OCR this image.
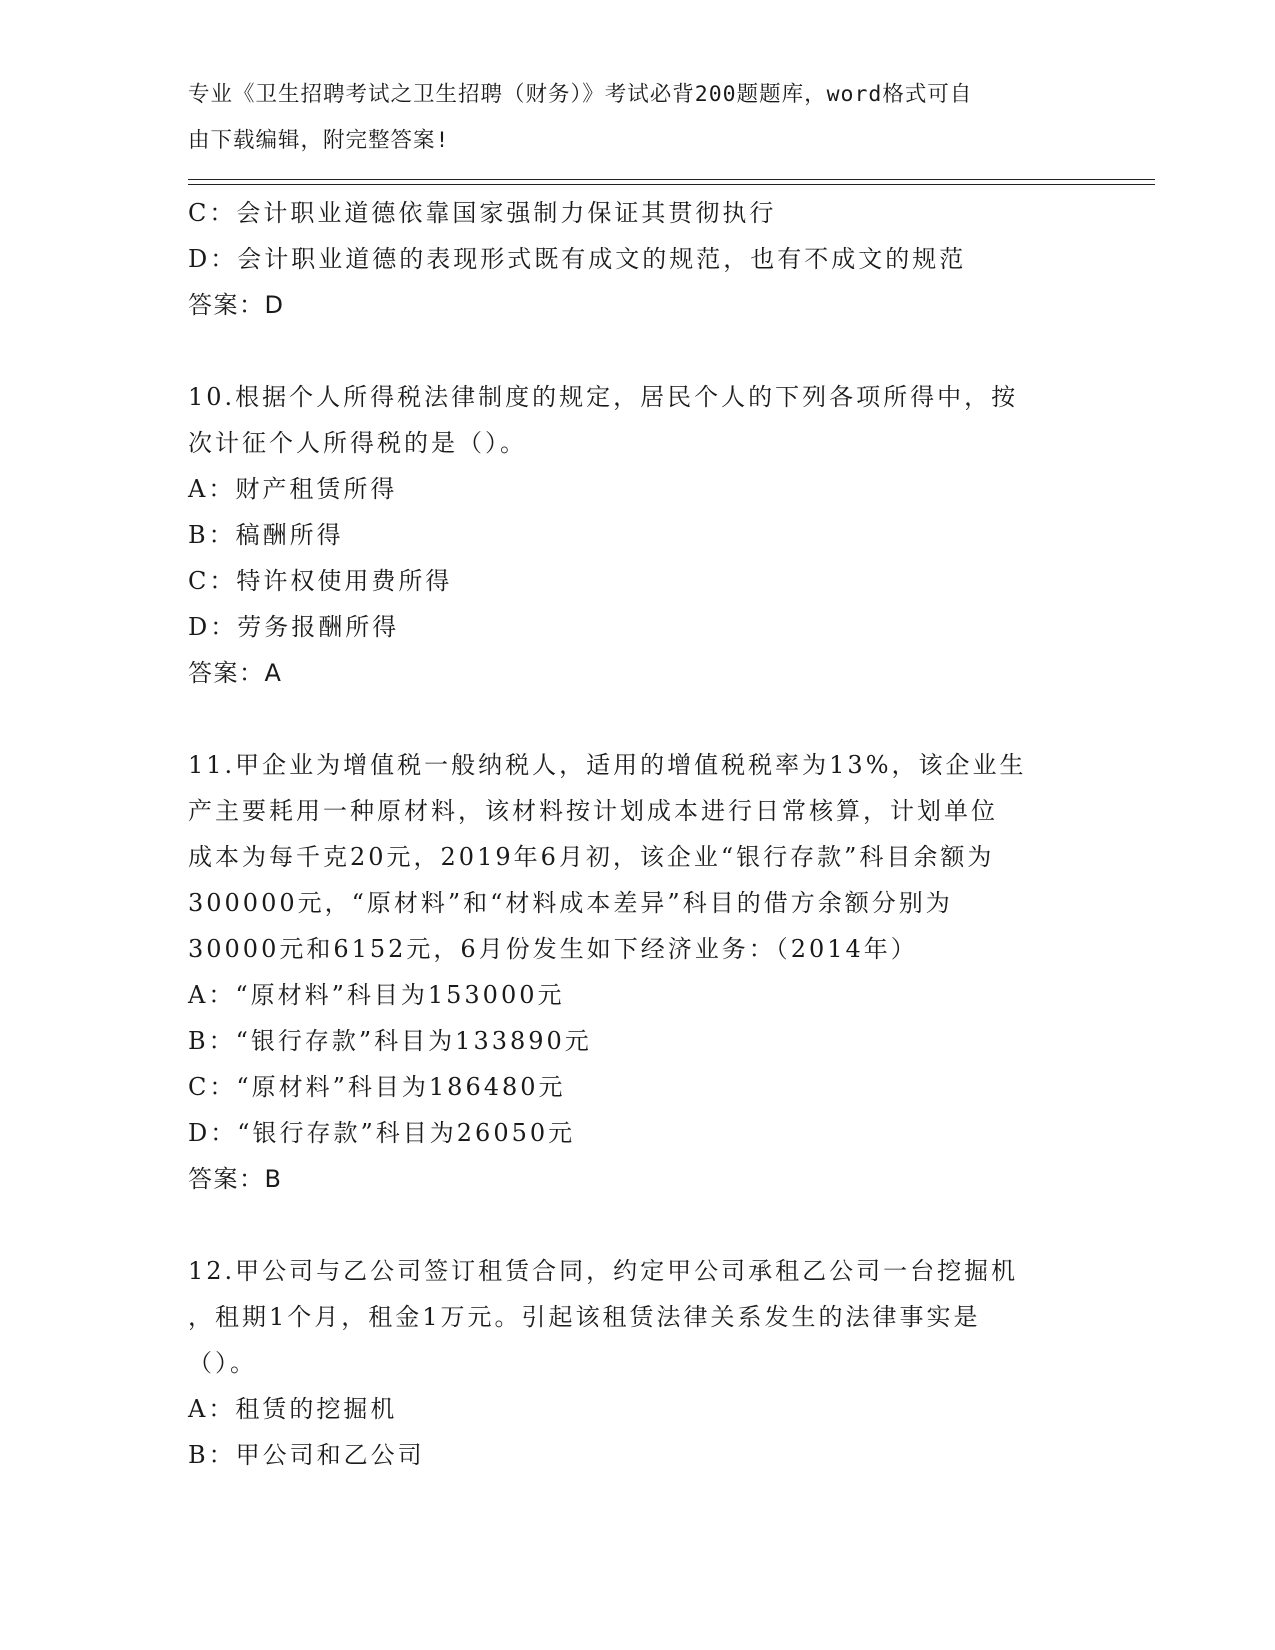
专业《卫生招聘考试之卫生招聘（财务）》考试必背200题题库，word格式可自
由下载编辑，附完整答案!
C：会计职业道德依靠国家强制力保证其贯彻执行
D：会计职业道德的表现形式既有成文的规范，也有不成文的规范
答案：D
10.根据个人所得税法律制度的规定，居民个人的下列各项所得中，按
次计征个人所得税的是（）。
A：财产租赁所得
B：稿酬所得
C：特许权使用费所得
D：劳务报酬所得
答案：A
11.甲企业为增值税一般纳税人，适用的增值税税率为13%，该企业生
产主要耗用一种原材料，该材料按计划成本进行日常核算，计划单位
成本为每千克20元，2019年6月初，该企业“银行存款”科目余额为
300000元，“原材料”和“材料成本差异”科目的借方余额分别为
30000元和6152元，6月份发生如下经济业务：（2014年）
A：“原材料”科目为153000元
B：“银行存款”科目为133890元
C：“原材料”科目为186480元
D：“银行存款”科目为26050元
答案：B
12.甲公司与乙公司签订租赁合同，约定甲公司承租乙公司一台挖掘机
，租期1个月，租金1万元。引起该租赁法律关系发生的法律事实是
（）。
A：租赁的挖掘机
B：甲公司和乙公司
